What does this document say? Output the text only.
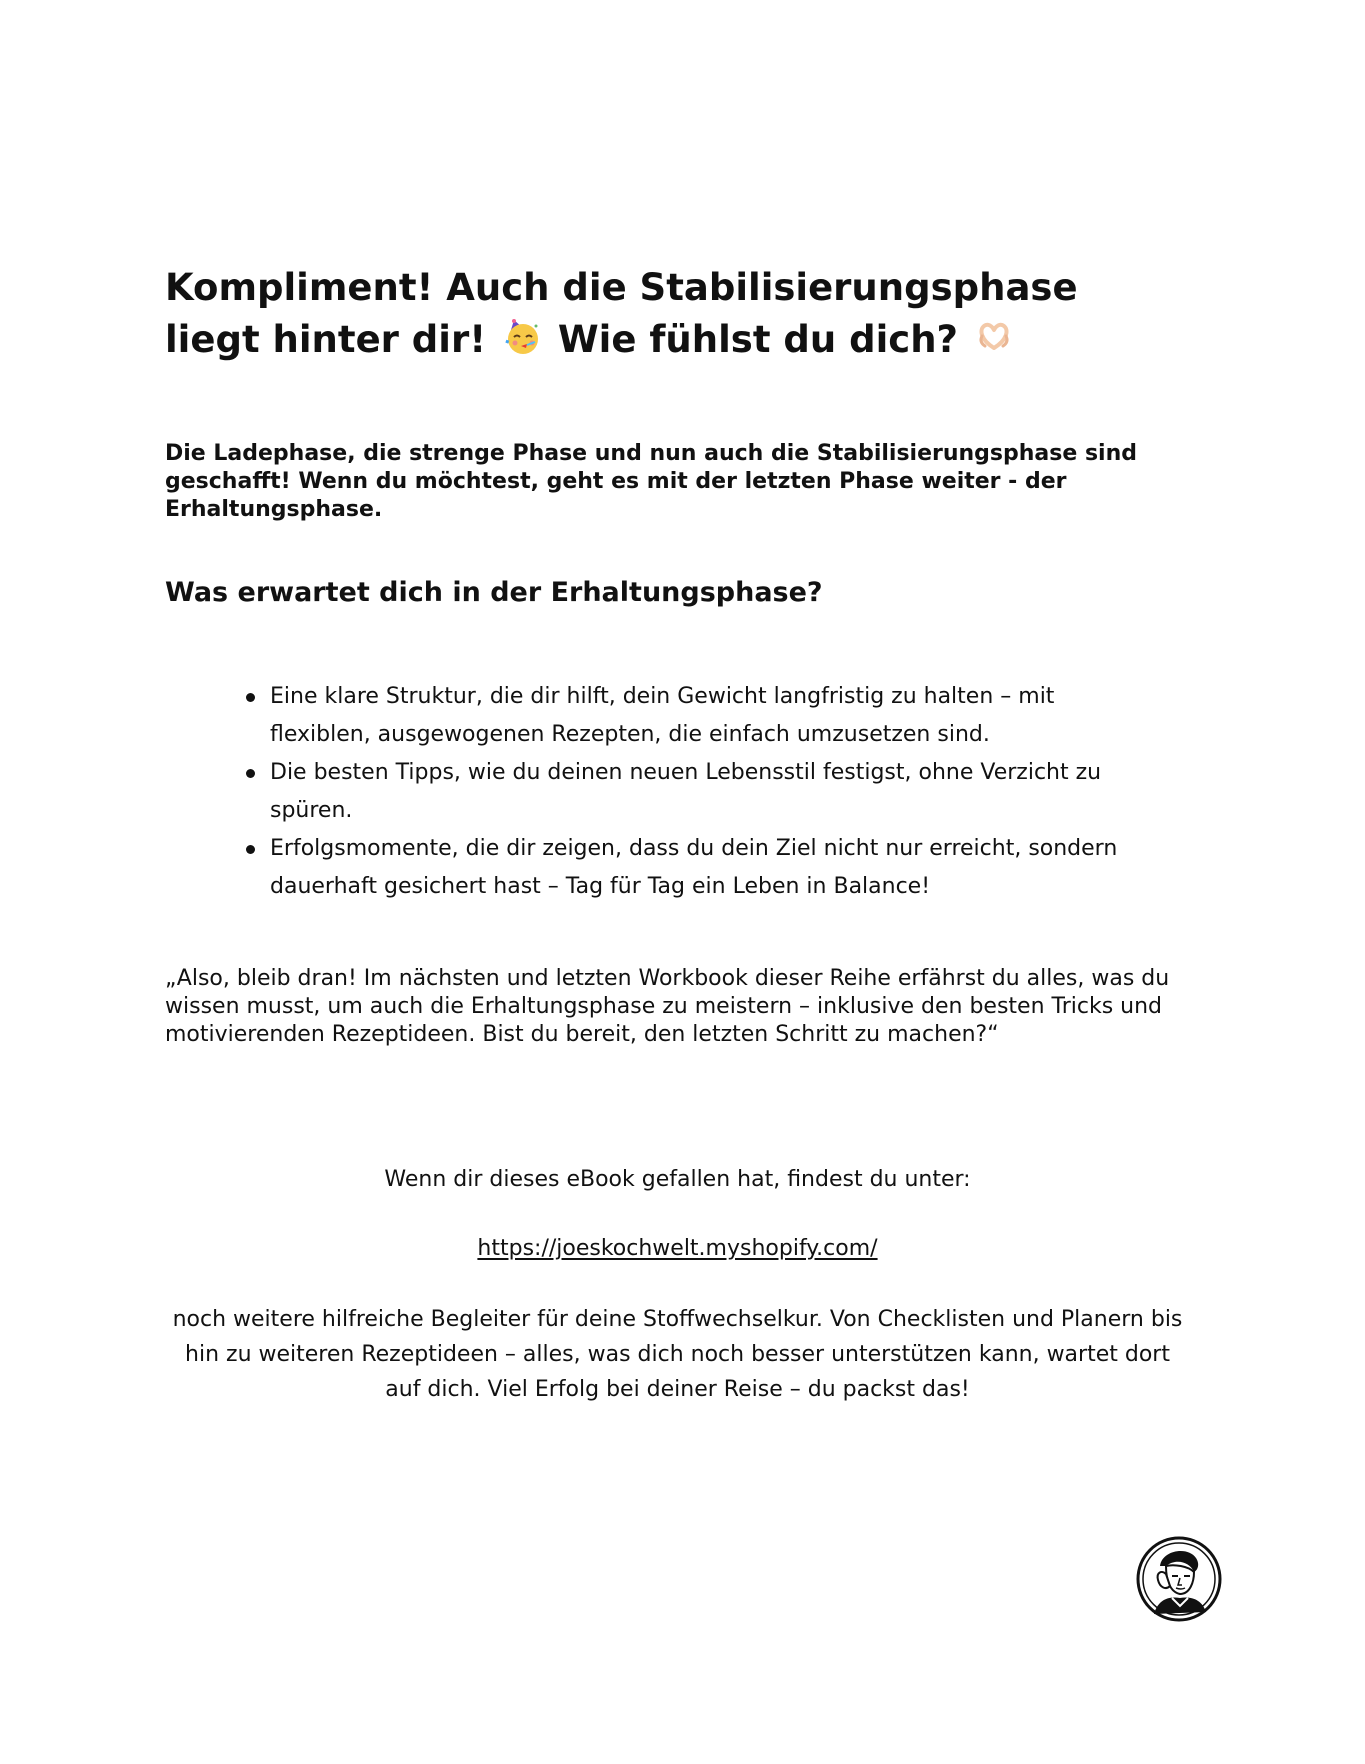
Kompliment! Auch die Stabilisierungsphase liegt hinter dir! Wie fühlst du dich?

Die Ladephase, die strenge Phase und nun auch die Stabilisierungsphase sind geschafft! Wenn du möchtest, geht es mit der letzten Phase weiter - der Erhaltungsphase.

Was erwartet dich in der Erhaltungsphase?
Eine klare Struktur, die dir hilft, dein Gewicht langfristig zu halten – mit flexiblen, ausgewogenen Rezepten, die einfach umzusetzen sind.
Die besten Tipps, wie du deinen neuen Lebensstil festigst, ohne Verzicht zu spüren.
Erfolgsmomente, die dir zeigen, dass du dein Ziel nicht nur erreicht, sondern dauerhaft gesichert hast – Tag für Tag ein Leben in Balance!

„Also, bleib dran! Im nächsten und letzten Workbook dieser Reihe erfährst du alles, was du wissen musst, um auch die Erhaltungsphase zu meistern – inklusive den besten Tricks und motivierenden Rezeptideen. Bist du bereit, den letzten Schritt zu machen?“

Wenn dir dieses eBook gefallen hat, findest du unter:

https://joeskochwelt.myshopify.com/

noch weitere hilfreiche Begleiter für deine Stoffwechselkur. Von Checklisten und Planern bis hin zu weiteren Rezeptideen – alles, was dich noch besser unterstützen kann, wartet dort auf dich. Viel Erfolg bei deiner Reise – du packst das!
